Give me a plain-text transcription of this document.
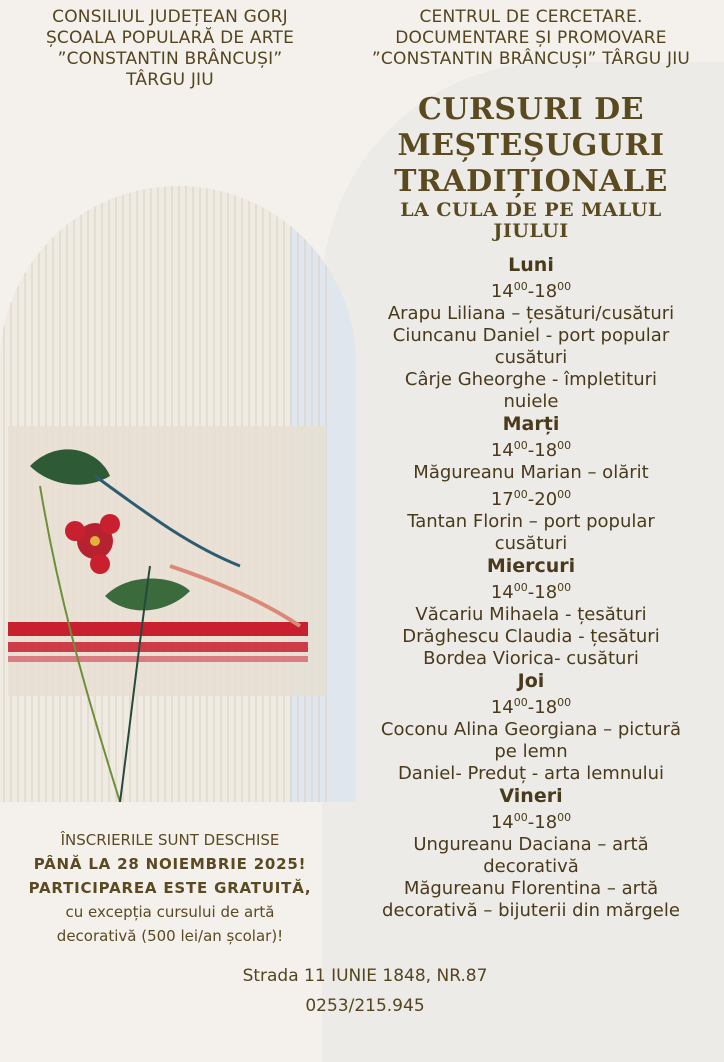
CONSILIUL JUDEȚEAN GORJ
ȘCOALA POPULARĂ DE ARTE
”CONSTANTIN BRÂNCUȘI”
TÂRGU JIU
CENTRUL DE CERCETARE.
DOCUMENTARE ȘI PROMOVARE
”CONSTANTIN BRÂNCUȘI” TÂRGU JIU
CURSURI DE
MEȘTEȘUGURI
TRADIȚIONALE
LA CULA DE PE MALUL
JIULUI
Luni
$14^{00}-18^{00}$
Arapu Liliana – țesături/cusături
Ciuncanu Daniel - port popular
cusături
Cârje Gheorghe - împletituri
nuiele
Marți
$14^{00}-18^{00}$
Măgureanu Marian – olărit
$17^{00}-20^{00}$
Tantan Florin – port popular
cusături
Miercuri
$14^{00}-18^{00}$
Văcariu Mihaela - țesături
Drăghescu Claudia - țesături
Bordea Viorica- cusături
Joi
$14^{00}-18^{00}$
Coconu Alina Georgiana – pictură
pe lemn
Daniel- Preduț - arta lemnului
Vineri
$14^{00}-18^{00}$
Ungureanu Daciana – artă
decorativă
Măgureanu Florentina – artă
decorativă – bijuterii din mărgele
ÎNSCRIERILE SUNT DESCHISE
PÂNĂ LA 28 NOIEMBRIE 2025!
PARTICIPAREA ESTE GRATUITĂ,
cu excepția cursului de artă
decorativă (500 lei/an școlar)!
Strada 11 IUNIE 1848, NR.87
0253/215.945
